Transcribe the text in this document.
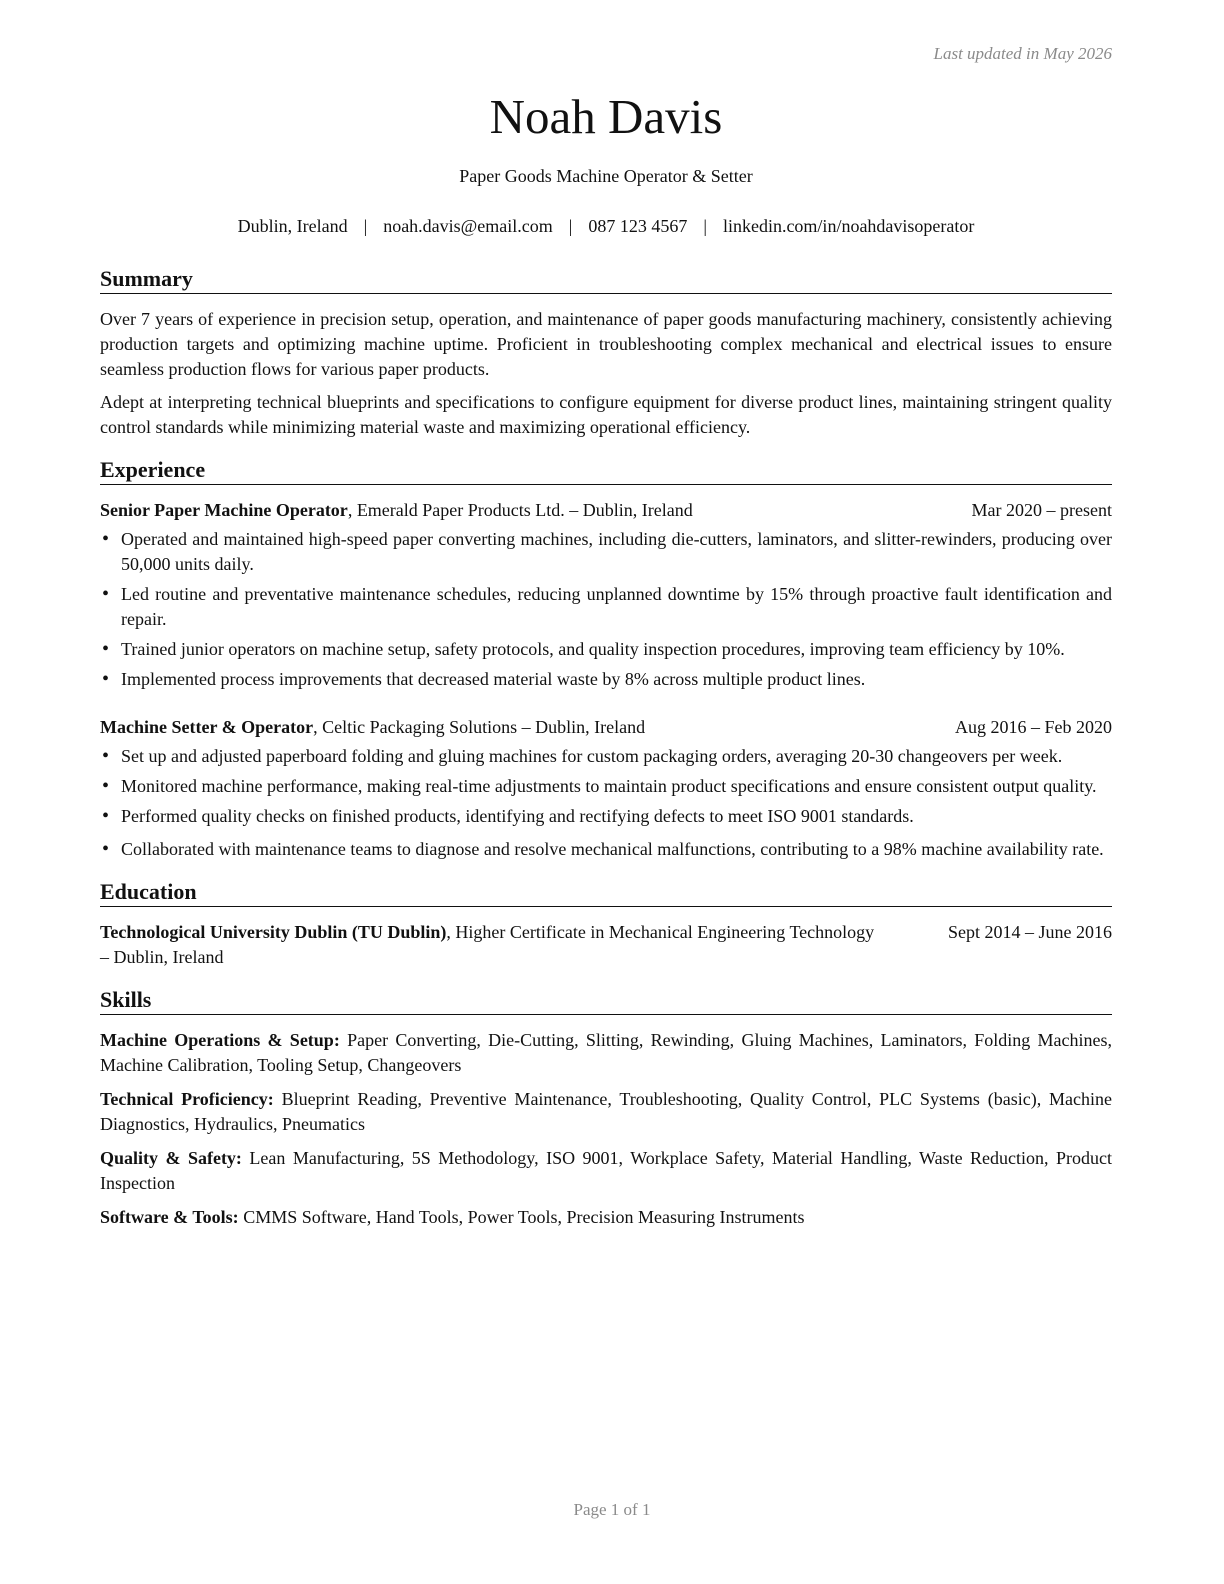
Last updated in May 2026
Noah Davis
Paper Goods Machine Operator & Setter
Dublin, Ireland | noah.davis@email.com | 087 123 4567 | linkedin.com/in/noahdavisoperator
Summary

Over 7 years of experience in precision setup, operation, and maintenance of paper goods manufacturing machinery, consistently achieving production targets and optimizing machine uptime. Proficient in troubleshooting complex mechanical and electrical issues to ensure seamless production flows for various paper products.

Adept at interpreting technical blueprints and specifications to configure equipment for diverse product lines, maintaining stringent quality control standards while minimizing material waste and maximizing operational efficiency.

Experience
Senior Paper Machine Operator, Emerald Paper Products Ltd. – Dublin, Ireland	Mar 2020 – present
• Operated and maintained high-speed paper converting machines, including die-cutters, laminators, and slitter-rewinders, producing over 50,000 units daily.
• Led routine and preventative maintenance schedules, reducing unplanned downtime by 15% through proactive fault identification and repair.
• Trained junior operators on machine setup, safety protocols, and quality inspection procedures, improving team efficiency by 10%.
• Implemented process improvements that decreased material waste by 8% across multiple product lines.
Machine Setter & Operator, Celtic Packaging Solutions – Dublin, Ireland	Aug 2016 – Feb 2020
• Set up and adjusted paperboard folding and gluing machines for custom packaging orders, averaging 20-30 changeovers per week.
• Monitored machine performance, making real-time adjustments to maintain product specifications and ensure consistent output quality.
• Performed quality checks on finished products, identifying and rectifying defects to meet ISO 9001 standards.
• Collaborated with maintenance teams to diagnose and resolve mechanical malfunctions, contributing to a 98% machine availability rate.
Education
Technological University Dublin (TU Dublin), Higher Certificate in Mechanical Engineering Technology – Dublin, Ireland
Sept 2014 – June 2016
Skills

Machine Operations & Setup: Paper Converting, Die-Cutting, Slitting, Rewinding, Gluing Machines, Laminators, Folding Machines, Machine Calibration, Tooling Setup, Changeovers

Technical Proficiency: Blueprint Reading, Preventive Maintenance, Troubleshooting, Quality Control, PLC Systems (basic), Machine Diagnostics, Hydraulics, Pneumatics

Quality & Safety: Lean Manufacturing, 5S Methodology, ISO 9001, Workplace Safety, Material Handling, Waste Reduction, Product Inspection

Software & Tools: CMMS Software, Hand Tools, Power Tools, Precision Measuring Instruments

Page 1 of 1
